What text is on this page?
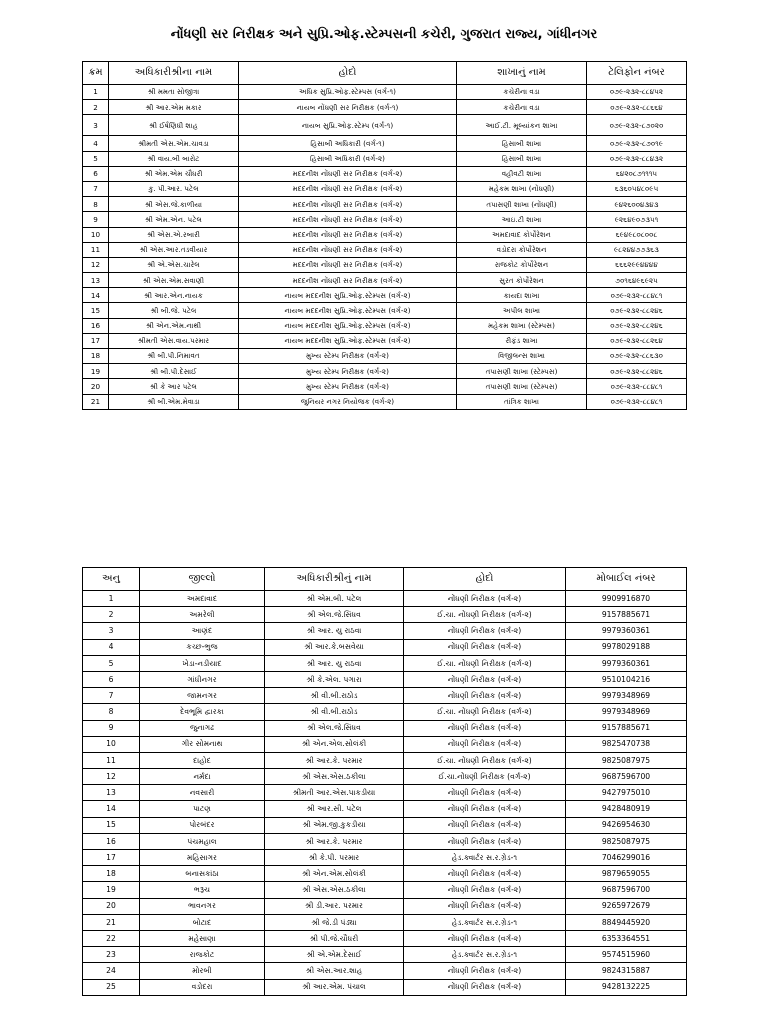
નોંધણી સર નિરીક્ષક અને સુપ્રિ.ઓફ.સ્ટેમ્પસની કચેરી, ગુજરાત રાજ્ય, ગાંધીનગર
ક્રમ	અધિકારીશ્રીના નામ	હોદો	શાખાનું નામ	ટેલિફોન નંબર
1	શ્રી મમતા સોજીત્રા	અધિક સુપ્રિ.ઓફ.સ્ટેમ્પસ (વર્ગ-૧)	કચેરીના વડા	૦૭૯-૨૩૨-૮૮૪૫૨
2	શ્રી આર.એમ મકાર	નાયબ નોંધણી સર નિરીક્ષક (વર્ગ-૧)	કચેરીના વડા	૦૭૯-૨૩૨-૮૮૬૬૪
3	શ્રી ઈર્ષણિધી શાહ	નાયબ સુપ્રિ.ઓફ.સ્ટેમ્પ (વર્ગ-૧)	આઈ.ટી. મૂલ્યાંકન શાખા	૦૭૯-૨૩૨-૮૭૦૨૦
4	શ્રીમતી એસ.એમ.ચાવડા	હિસાબી અધિકારી (વર્ગ-૧)	હિસાબી શાખા	૦૭૯-૨૩૨-૮૭૦૧૯
5	શ્રી વાય.બી બારોટ	હિસાબી અધિકારી (વર્ગ-૨)	હિસાબી શાખા	૦૭૯-૨૩૨-૮૮૪૩૨
6	શ્રી એમ.એમ ચૌધરી	મદદનીશ નોંધણી સર નિરીક્ષક (વર્ગ-૨)	વહીવટી શાખા	૬૪૨૦૮૭૧૧૧૫
7	કુ. પી.આર. પટેલ	મદદનીશ નોંધણી સર નિરીક્ષક (વર્ગ-૨)	મહેકમ શાખા (નોંધણી)	૬૩૬૦૫૪૮૦૯૫
8	શ્રી એસ.જે.કાળીયા	મદદનીશ નોંધણી સર નિરીક્ષક (વર્ગ-૨)	તપાસણી શાખા (નોંધણી)	૯૪૨૬૦૦૪૩૪૩
9	શ્રી એમ.એન. પટેલ	મદદનીશ નોંધણી સર નિરીક્ષક (વર્ગ-૨)	આઇ.ટી શાખા	૯૨૬૪૯૦૭૩૫૧
10	શ્રી એસ.એ.રબારી	મદદનીશ નોંધણી સર નિરીક્ષક (વર્ગ-૨)	અમદાવાદ કોર્પોરેશન	૬૯૪૯૮૦૮૦૦૮
11	શ્રી એસ.આર.તડવીયાર	મદદનીશ નોંધણી સર નિરીક્ષક (વર્ગ-૨)	વડોદરા કોર્પોરેશન	૯૮૨૪૪૭૭૩૬૩
12	શ્રી એ.એસ.ચારેલ	મદદનીશ નોંધણી સર નિરીક્ષક (વર્ગ-૨)	રાજકોટ કોર્પોરેશન	૬૬૬૨૯૯૪૪૪૪
13	શ્રી એસ.એમ.સવાણી	મદદનીશ નોંધણી સર નિરીક્ષક (વર્ગ-૨)	સુરત કોર્પોરેશન	૭૦૧૬૪૯૬૯૨૫
14	શ્રી આર.એન.નાયક	નાયબ મદદનીશ સુપ્રિ.ઓફ.સ્ટેમ્પસ (વર્ગ-૨)	કાયદા શાખા	૦૭૯-૨૩૨-૮૮૪૮૧
15	શ્રી બી.જે. પટેલ	નાયબ મદદનીશ સુપ્રિ.ઓફ.સ્ટેમ્પસ (વર્ગ-૨)	અપીલ શાખા	૦૭૯-૨૩૨-૮૮૨૪૬
16	શ્રી એન.એમ.નાથી	નાયબ મદદનીશ સુપ્રિ.ઓફ.સ્ટેમ્પસ (વર્ગ-૨)	મહેકમ શાખા (સ્ટેમ્પસ)	૦૭૯-૨૩૨-૮૮૨૪૬
17	શ્રીમતી એસ.વાય.પરમાર	નાયબ મદદનીશ સુપ્રિ.ઓફ.સ્ટેમ્પસ (વર્ગ-૨)	રીફંડ શાખા	૦૭૯-૨૩૨-૮૮૨૬૪
18	શ્રી બી.પી.નિમાવત	મુખ્ય સ્ટેમ્પ નિરીક્ષક (વર્ગ-૨)	વિજીલન્સ શાખા	૦૭૯-૨૩૨-૮૮૬૩૦
19	શ્રી બી.પી.દેસાઈ	મુખ્ય સ્ટેમ્પ નિરીક્ષક (વર્ગ-૨)	તપાસણી શાખા (સ્ટેમ્પસ)	૦૭૯-૨૩૨-૮૮૨૪૬
20	શ્રી કે આર પટેલ	મુખ્ય સ્ટેમ્પ નિરીક્ષક (વર્ગ-૨)	તપાસણી શાખા (સ્ટેમ્પસ)	૦૭૯-૨૩૨-૮૮૪૮૧
21	શ્રી બી.એમ.મેવાડા	જુનિયર નગર નિયોજક (વર્ગ-૨)	તાંત્રિક શાખા	૦૭૯-૨૩૨-૮૮૪૮૧
અનુ	જીલ્લો	અધિકારીશ્રીનું નામ	હોદો	મોબાઈલ નંબર
1	અમદાવાદ	શ્રી એમ.બી. પટેલ	નોંધણી નિરીક્ષક (વર્ગ-૨)	9909916870
2	અમરેલી	શ્રી એલ.જે.સિંધવ	ઈ.ચા. નોંધણી નિરીક્ષક (વર્ગ-૨)	9157885671
3	આણંદ	શ્રી આર. યુ રાઠવા	નોંધણી નિરીક્ષક (વર્ગ-૨)	9979360361
4	કચ્છ-ભુજ	શ્રી આર.કે.બસવેયા	નોંધણી નિરીક્ષક (વર્ગ-૨)	9978029188
5	ખેડા-નડીયાદ	શ્રી આર. યુ રાઠવા	ઈ.ચા. નોંધણી નિરીક્ષક (વર્ગ-૨)	9979360361
6	ગાંધીનગર	શ્રી કે.એલ. પગારા	નોંધણી નિરીક્ષક (વર્ગ-૨)	9510104216
7	જામનગર	શ્રી વી.બી.રાઠોડ	નોંધણી નિરીક્ષક (વર્ગ-૨)	9979348969
8	દેવભૂમિ દ્વારકા	શ્રી વી.બી.રાઠોડ	ઈ.ચા. નોંધણી નિરીક્ષક (વર્ગ-૨)	9979348969
9	જુનાગઢ	શ્રી એલ.જે.સિંધવ	નોંધણી નિરીક્ષક (વર્ગ-૨)	9157885671
10	ગીર સોમનાથ	શ્રી એન.એલ.સોલંકી	નોંધણી નિરીક્ષક (વર્ગ-૨)	9825470738
11	દાહોદ	શ્રી આર.કે. પરમાર	ઈ.ચા. નોંધણી નિરીક્ષક (વર્ગ-૨)	9825087975
12	નર્મદા	શ્રી એસ.એસ.ઠકીલા	ઈ.ચા.નોંધણી નિરીક્ષક (વર્ગ-૨)	9687596700
13	નવસારી	શ્રીમતી આર.એસ.પાકડીયા	નોંધણી નિરીક્ષક (વર્ગ-૨)	9427975010
14	પાટણ	શ્રી આર.સી. પટેલ	નોંધણી નિરીક્ષક (વર્ગ-૨)	9428480919
15	પોરબંદર	શ્રી એમ.જી.કુકડીયા	નોંધણી નિરીક્ષક (વર્ગ-૨)	9426954630
16	પંચમહાલ	શ્રી આર.કે. પરમાર	નોંધણી નિરીક્ષક (વર્ગ-૨)	9825087975
17	મહિસાગર	શ્રી કે.પી. પરમાર	હેડ.ક્વાર્ટર સ.ર.ગ્રેડ-૧	7046299016
18	બનાસકાંઠા	શ્રી એન.એમ.સોલંકી	નોંધણી નિરીક્ષક (વર્ગ-૨)	9879659055
19	ભરૂચ	શ્રી એસ.એસ.ઠકીલા	નોંધણી નિરીક્ષક (વર્ગ-૨)	9687596700
20	ભાવનગર	શ્રી ડી.આર. પરમાર	નોંધણી નિરીક્ષક (વર્ગ-૨)	9265972679
21	બોટાદ	શ્રી જે.ડી પંડ્યા	હેડ.ક્વાર્ટર સ.ર.ગ્રેડ-૧	8849445920
22	મહેસાણા	શ્રી પી.જે.ચૌધરી	નોંધણી નિરીક્ષક (વર્ગ-૨)	6353364551
23	રાજકોટ	શ્રી એ.એમ.દેસાઈ	હેડ.ક્વાર્ટર સ.ર.ગ્રેડ-૧	9574515960
24	મોરબી	શ્રી એસ.આર.શાહ	નોંધણી નિરીક્ષક (વર્ગ-૨)	9824315887
25	વડોદરા	શ્રી આર.એમ. પંચાલ	નોંધણી નિરીક્ષક (વર્ગ-૨)	9428132225
